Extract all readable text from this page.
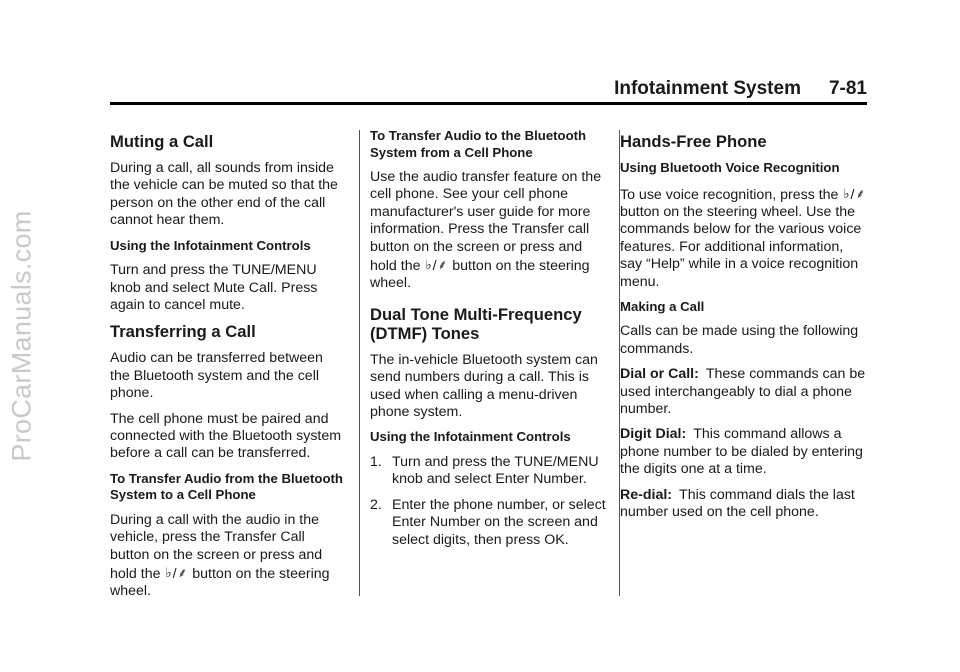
ProCarManuals.com
Infotainment System 7-81
Muting a Call

During a call, all sounds from inside the vehicle can be muted so that the person on the other end of the call cannot hear them.

Using the Infotainment Controls

Turn and press the TUNE/MENU knob and select Mute Call. Press again to cancel mute.

Transferring a Call

Audio can be transferred between the Bluetooth system and the cell phone.

The cell phone must be paired and connected with the Bluetooth system before a call can be transferred.

To Transfer Audio from the Bluetooth System to a Cell Phone

During a call with the audio in the vehicle, press the Transfer Call button on the screen or press and hold the ♭/⸙ button on the steering wheel.

To Transfer Audio to the Bluetooth System from a Cell Phone

Use the audio transfer feature on the cell phone. See your cell phone manufacturer's user guide for more information. Press the Transfer call button on the screen or press and hold the ♭/⸙ button on the steering wheel.

Dual Tone Multi-Frequency (DTMF) Tones

The in-vehicle Bluetooth system can send numbers during a call. This is used when calling a menu-driven phone system.

Using the Infotainment Controls
1. Turn and press the TUNE/MENU knob and select Enter Number.
2. Enter the phone number, or select Enter Number on the screen and select digits, then press OK.
Hands-Free Phone
Using Bluetooth Voice Recognition

To use voice recognition, press the ♭/⸙ button on the steering wheel. Use the commands below for the various voice features. For additional information, say “Help” while in a voice recognition menu.

Making a Call

Calls can be made using the following commands.

Dial or Call: These commands can be used interchangeably to dial a phone number.

Digit Dial: This command allows a phone number to be dialed by entering the digits one at a time.

Re-dial: This command dials the last number used on the cell phone.
